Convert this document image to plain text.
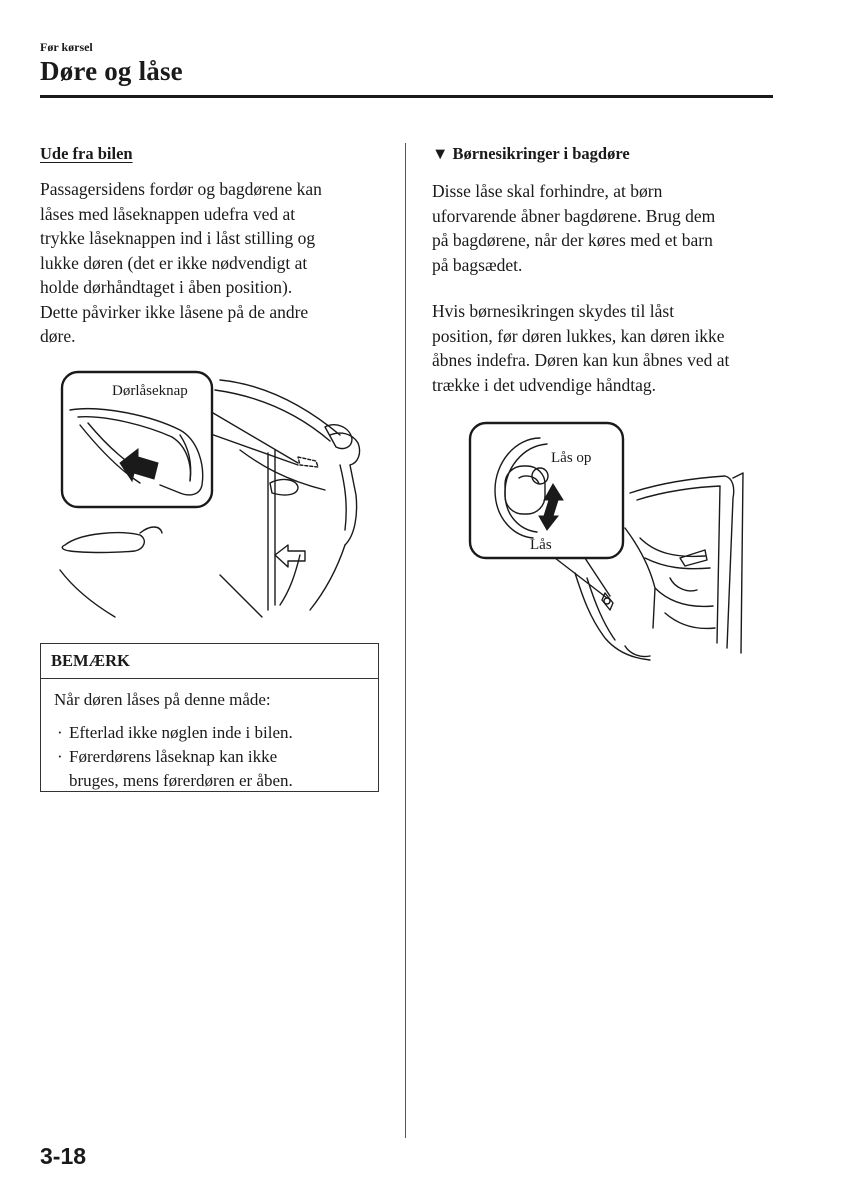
Før kørsel
Døre og låse
Ude fra bilen
Passagersidens fordør og bagdørene kan
låses med låseknappen udefra ved at
trykke låseknappen ind i låst stilling og
lukke døren (det er ikke nødvendigt at
holde dørhåndtaget i åben position).
Dette påvirker ikke låsene på de andre
døre.
Dørlåseknap
BEMÆRK
Når døren låses på denne måde:
· Efterlad ikke nøglen inde i bilen.
· Førerdørens låseknap kan ikke
bruges, mens førerdøren er åben.
▼ Børnesikringer i bagdøre
Disse låse skal forhindre, at børn
uforvarende åbner bagdørene. Brug dem
på bagdørene, når der køres med et barn
på bagsædet.
Hvis børnesikringen skydes til låst
position, før døren lukkes, kan døren ikke
åbnes indefra. Døren kan kun åbnes ved at
trække i det udvendige håndtag.
Lås op
Lås
3-18
